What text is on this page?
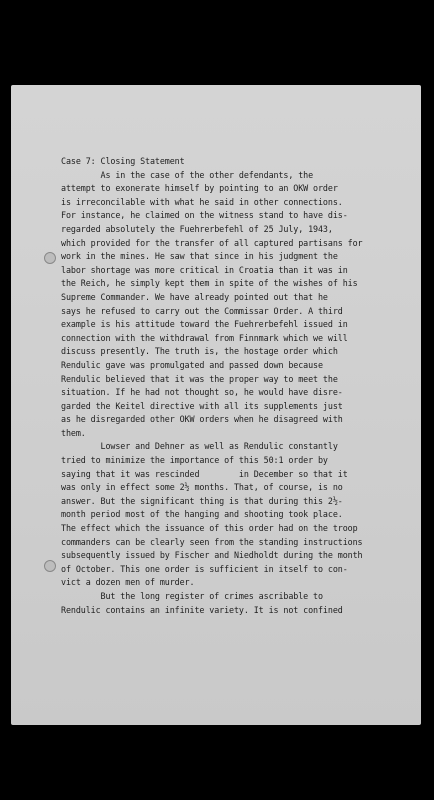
Case 7: Closing Statement
As in the case of the other defendants, the
attempt to exonerate himself by pointing to an OKW order
is irreconcilable with what he said in other connections.
For instance, he claimed on the witness stand to have dis-
regarded absolutely the Fuehrerbefehl of 25 July, 1943,
which provided for the transfer of all captured partisans for
work in the mines. He saw that since in his judgment the
labor shortage was more critical in Croatia than it was in
the Reich, he simply kept them in spite of the wishes of his
Supreme Commander. We have already pointed out that he
says he refused to carry out the Commissar Order. A third
example is his attitude toward the Fuehrerbefehl issued in
connection with the withdrawal from Finnmark which we will
discuss presently. The truth is, the hostage order which
Rendulic gave was promulgated and passed down because
Rendulic believed that it was the proper way to meet the
situation. If he had not thought so, he would have disre-
garded the Keitel directive with all its supplements just
as he disregarded other OKW orders when he disagreed with
them.
Lowser and Dehner as well as Rendulic constantly
tried to minimize the importance of this 50:1 order by
saying that it was rescinded        in December so that it
was only in effect some 2½ months. That, of course, is no
answer. But the significant thing is that during this 2½-
month period most of the hanging and shooting took place.
The effect which the issuance of this order had on the troop
commanders can be clearly seen from the standing instructions
subsequently issued by Fischer and Niedholdt during the month
of October. This one order is sufficient in itself to con-
vict a dozen men of murder.
But the long register of crimes ascribable to
Rendulic contains an infinite variety. It is not confined
